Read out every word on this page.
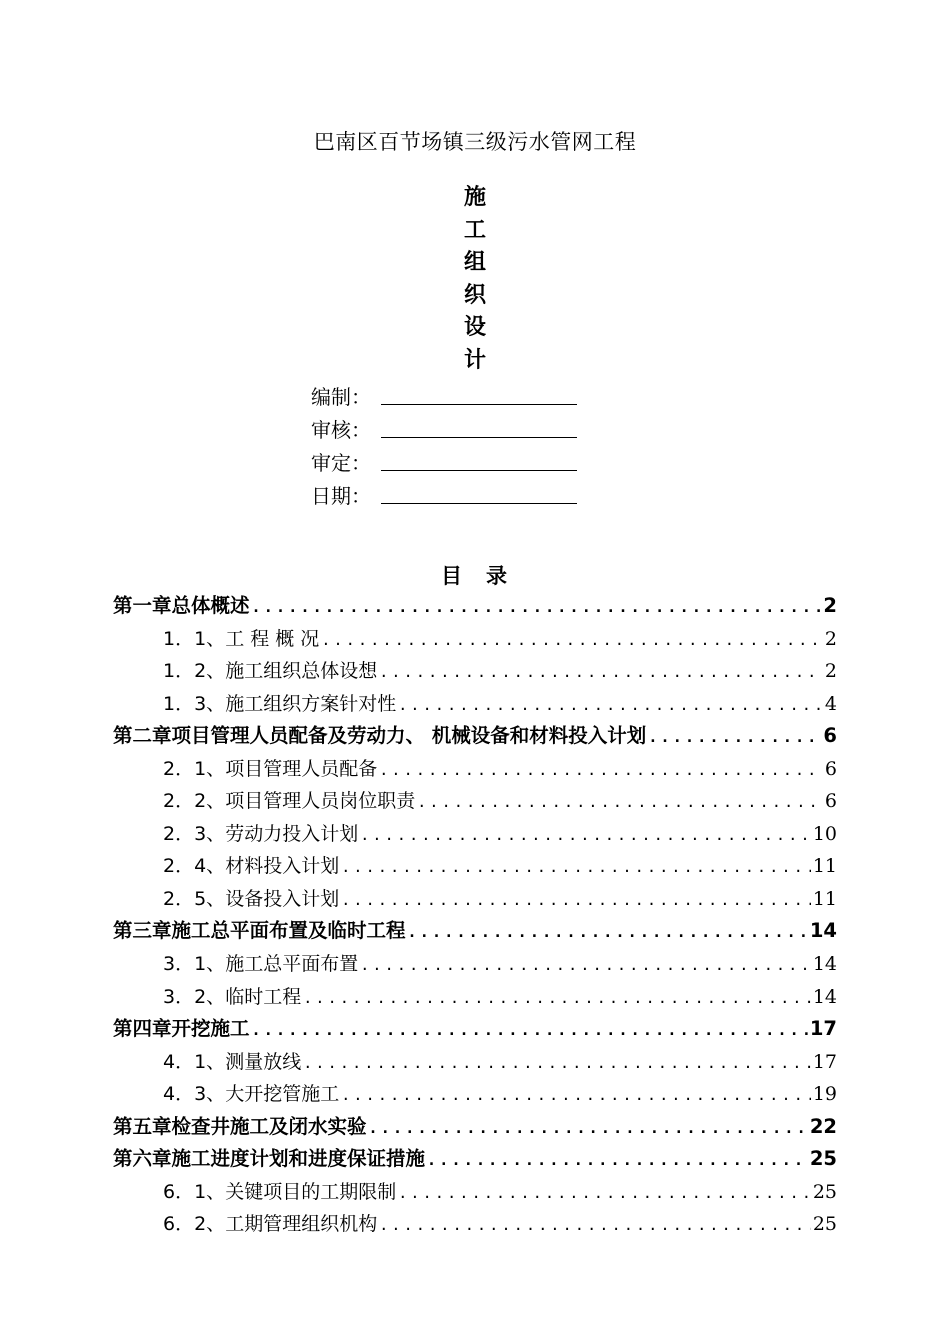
巴南区百节场镇三级污水管网工程
施
工
组
织
设
计
编制：
审核：
审定：
日期：
目 录
第一章 总体概述 .....	2
1．1、 工 程 概 况 .....	2
1．2、 施工组织总体设想 .....	2
1．3、 施工组织方案针对性 .....	4
第二章 项目管理人员配备及劳动力、 机械设备和材料投入计划 .....	6
2．1、 项目管理人员配备 .....	6
2．2、 项目管理人员岗位职责 .....	6
2．3、 劳动力投入计划 .....	10
2．4、 材料投入计划 .....	11
2．5、 设备投入计划 .....	11
第三章 施工总平面布置及临时工程 .....	14
3．1、 施工总平面布置 .....	14
3．2、 临时工程 .....	14
第四章 开挖施工 .....	17
4．1、 测量放线 .....	17
4．3、 大开挖管施工 .....	19
第五章 检查井施工及闭水实验 .....	22
第六章 施工进度计划和进度保证措施 .....	25
6．1、 关键项目的工期限制 .....	25
6．2、 工期管理组织机构 .....	25
